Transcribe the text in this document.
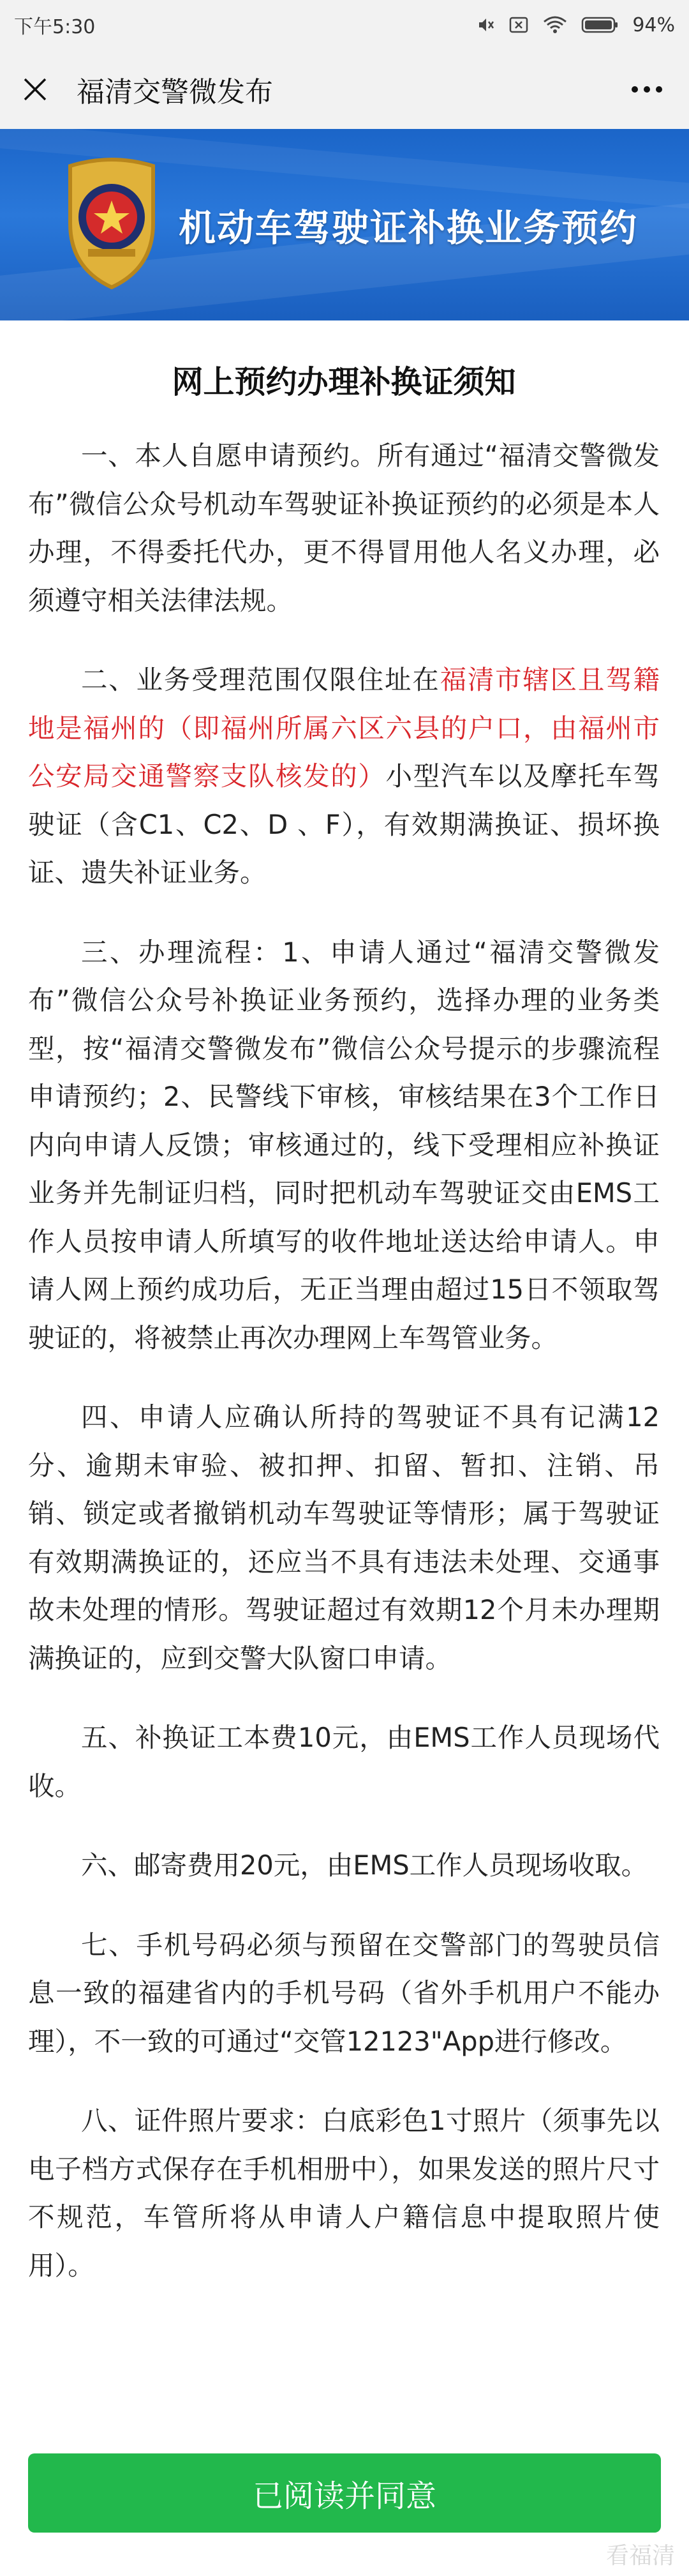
下午5:30	94%
福清交警微发布
机动车驾驶证补换业务预约
网上预约办理补换证须知

一、本人自愿申请预约。所有通过“福清交警微发布”微信公众号机动车驾驶证补换证预约的必须是本人办理，不得委托代办，更不得冒用他人名义办理，必须遵守相关法律法规。

二、业务受理范围仅限住址在福清市辖区且驾籍地是福州的（即福州所属六区六县的户口，由福州市公安局交通警察支队核发的）小型汽车以及摩托车驾驶证（含C1、C2、D 、F），有效期满换证、损坏换证、遗失补证业务。

三、办理流程：1、申请人通过“福清交警微发布”微信公众号补换证业务预约，选择办理的业务类型，按“福清交警微发布”微信公众号提示的步骤流程申请预约；2、民警线下审核，审核结果在3个工作日内向申请人反馈；审核通过的，线下受理相应补换证业务并先制证归档，同时把机动车驾驶证交由EMS工作人员按申请人所填写的收件地址送达给申请人。申请人网上预约成功后，无正当理由超过15日不领取驾驶证的，将被禁止再次办理网上车驾管业务。

四、申请人应确认所持的驾驶证不具有记满12分、逾期未审验、被扣押、扣留、暂扣、注销、吊销、锁定或者撤销机动车驾驶证等情形；属于驾驶证有效期满换证的，还应当不具有违法未处理、交通事故未处理的情形。驾驶证超过有效期12个月未办理期满换证的，应到交警大队窗口申请。

五、补换证工本费10元，由EMS工作人员现场代收。

六、邮寄费用20元，由EMS工作人员现场收取。

七、手机号码必须与预留在交警部门的驾驶员信息一致的福建省内的手机号码（省外手机用户不能办理），不一致的可通过“交管12123"App进行修改。

八、证件照片要求：白底彩色1寸照片（须事先以电子档方式保存在手机相册中），如果发送的照片尺寸不规范，车管所将从申请人户籍信息中提取照片使用）。

已阅读并同意
看福清
